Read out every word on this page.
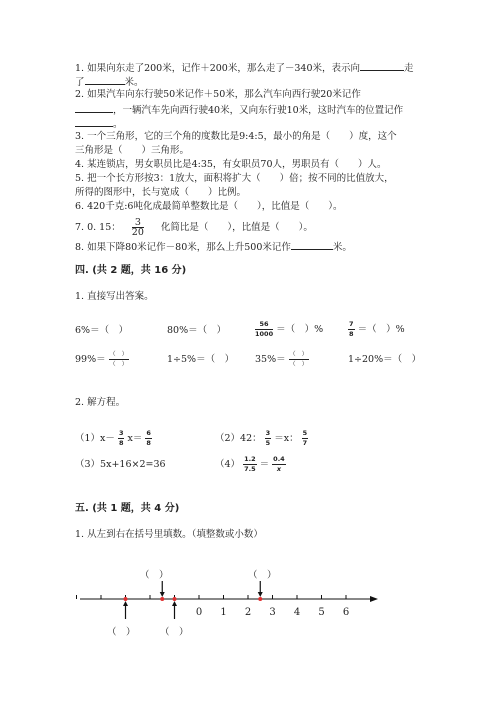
1. 如果向东走了200米，记作＋200米，那么走了－340米，表示向	走
了	米。
2. 如果汽车向东行驶50米记作＋50米，那么汽车向西行驶20米记作
，一辆汽车先向西行驶40米，又向东行驶10米，这时汽车的位置记作
。
3. 一个三角形，它的三个角的度数比是9:4:5，最小的角是（　　）度，这个
三角形是（　　）三角形。
4. 某连锁店，男女职员比是4:35，有女职员70人，男职员有（　　）人。
5. 把一个长方形按3：1放大，面积将扩大（　　）倍；按不同的比值放大，
所得的图形中，长与宽成（　　）比例。
6. 420千克:6吨化成最简单整数比是（　　），比值是（　　）。
7. 0. 15： $\frac{3}{20}$ 化简比是（　　），比值是（　　）。
8. 如果下降80米记作－80米，那么上升500米记作	米。
四. (共 2 题，共 16 分)
1. 直接写出答案。
6%＝（　）	80%＝（　）	$\frac{56}{1000}$ ＝（　）%	$\frac{7}{8}$ ＝（　）%
$99\%= \frac{( )}{( )}$	1÷5%＝（　） $35\%= \frac{( )}{( )}$	1÷20%＝（　）
2. 解方程。
$(1)x- \frac{3}{8} x= \frac{6}{8}$	（2）42： $\frac{3}{5} =x$： $\frac{5}{7}$
（3）5x+16×2=36	$(4) \frac{1.2}{7.5} = \frac{0.4}{x}$
五. (共 1 题，共 4 分)
1. 从左到右在括号里填数。（填整数或小数）
0 1 2 3 4 5 6
（　）	（　）
（　）	（　）
